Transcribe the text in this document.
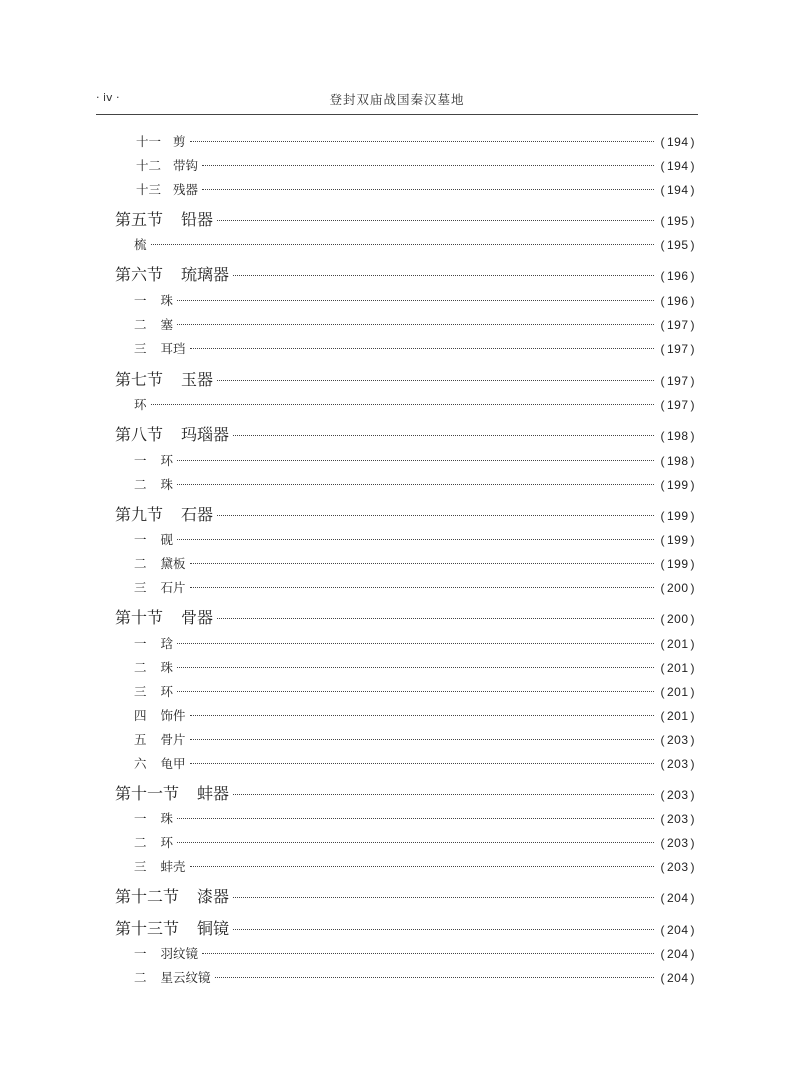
· iv ·	登封双庙战国秦汉墓地
十一 剪	( 194 )
十二 带钩	( 194 )
十三 残器	( 194 )
第五节 铅器	( 195 )
梳	( 195 )
第六节 琉璃器	( 196 )
一 珠	( 196 )
二 塞	( 197 )
三 耳珰	( 197 )
第七节 玉器	( 197 )
环	( 197 )
第八节 玛瑙器	( 198 )
一 环	( 198 )
二 珠	( 199 )
第九节 石器	( 199 )
一 砚	( 199 )
二 黛板	( 199 )
三 石片	( 200 )
第十节 骨器	( 200 )
一 琀	( 201 )
二 珠	( 201 )
三 环	( 201 )
四 饰件	( 201 )
五 骨片	( 203 )
六 龟甲	( 203 )
第十一节 蚌器	( 203 )
一 珠	( 203 )
二 环	( 203 )
三 蚌壳	( 203 )
第十二节 漆器	( 204 )
第十三节 铜镜	( 204 )
一 羽纹镜	( 204 )
二 星云纹镜	( 204 )
